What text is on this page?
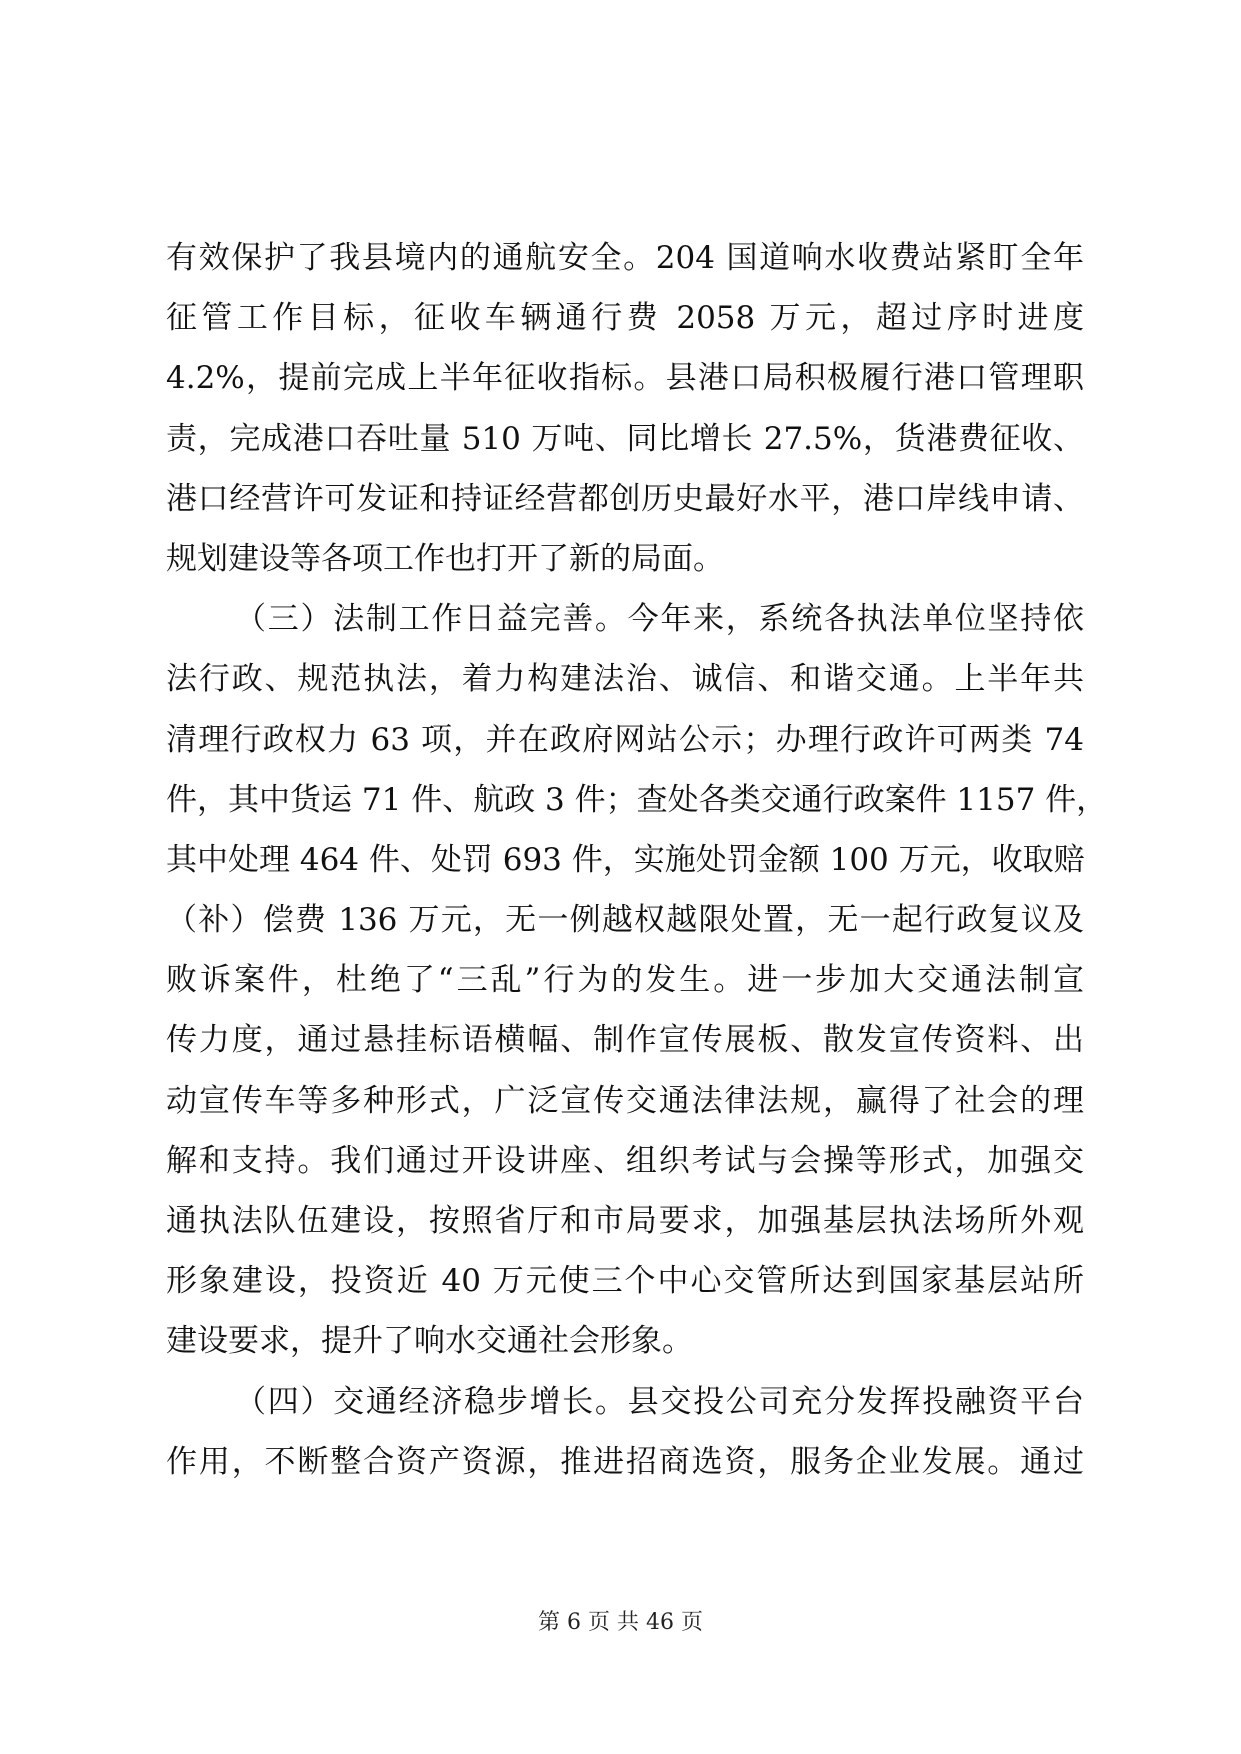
有效保护了我县境内的通航安全。204 国道响水收费站紧盯全年
征管工作目标，征收车辆通行费 2058 万元，超过序时进度
4.2%，提前完成上半年征收指标。县港口局积极履行港口管理职
责，完成港口吞吐量 510 万吨、同比增长 27.5%，货港费征收、
港口经营许可发证和持证经营都创历史最好水平，港口岸线申请、
规划建设等各项工作也打开了新的局面。
（三）法制工作日益完善。今年来，系统各执法单位坚持依
法行政、规范执法，着力构建法治、诚信、和谐交通。上半年共
清理行政权力 63 项，并在政府网站公示；办理行政许可两类 74
件，其中货运 71 件、航政 3 件；查处各类交通行政案件 1157 件，
其中处理 464 件、处罚 693 件，实施处罚金额 100 万元，收取赔
（补）偿费 136 万元，无一例越权越限处置，无一起行政复议及
败诉案件，杜绝了“三乱”行为的发生。进一步加大交通法制宣
传力度，通过悬挂标语横幅、制作宣传展板、散发宣传资料、出
动宣传车等多种形式，广泛宣传交通法律法规，赢得了社会的理
解和支持。我们通过开设讲座、组织考试与会操等形式，加强交
通执法队伍建设，按照省厅和市局要求，加强基层执法场所外观
形象建设，投资近 40 万元使三个中心交管所达到国家基层站所
建设要求，提升了响水交通社会形象。
（四）交通经济稳步增长。县交投公司充分发挥投融资平台
作用，不断整合资产资源，推进招商选资，服务企业发展。通过
第 6 页 共 46 页
